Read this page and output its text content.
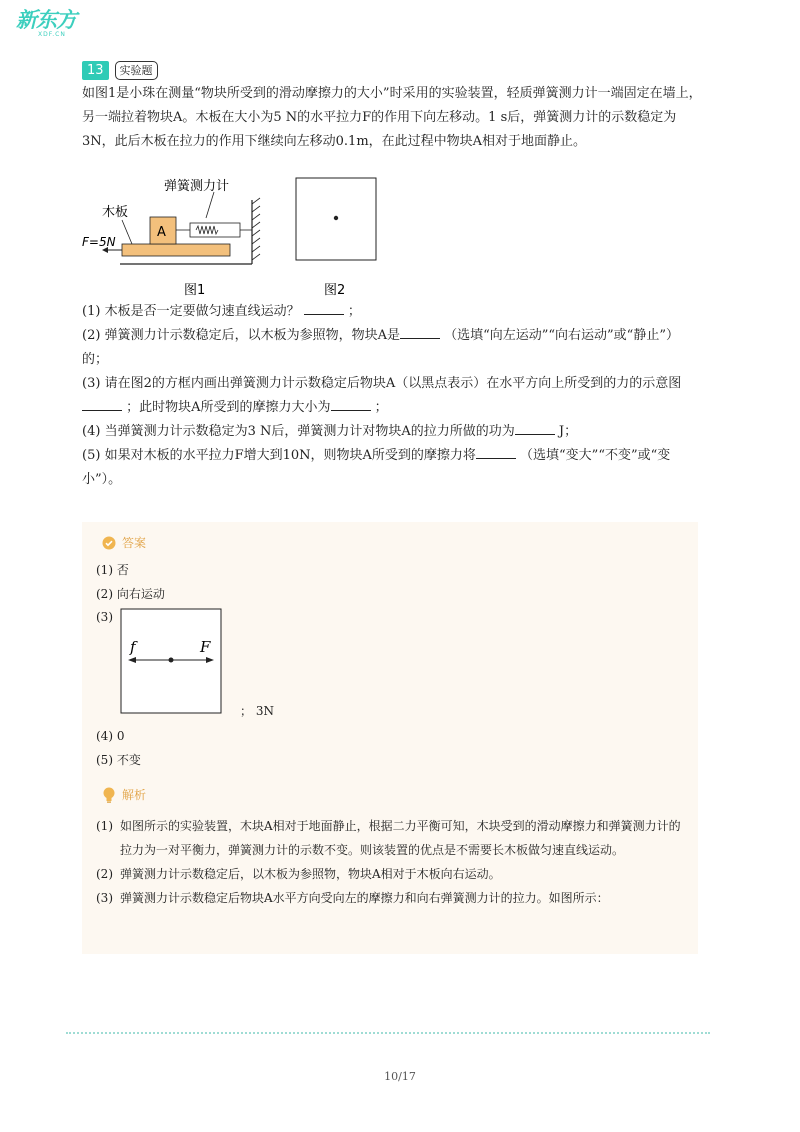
新东方
XDF.CN
13	实验题
如图1是小珠在测量“物块所受到的滑动摩擦力的大小”时采用的实验装置，轻质弹簧测力计一端固定在墙上，另一端拉着物块A。木板在大小为5 N的水平拉力F的作用下向左移动。1 s后，弹簧测力计的示数稳定为3N，此后木板在拉力的作用下继续向左移动0.1m，在此过程中物块A相对于地面静止。
弹簧测力计
木板
A
F=5N
图1	图2

(1) 木板是否一定要做匀速直线运动？	；

(2) 弹簧测力计示数稳定后，以木板为参照物，物块A是	（选填“向左运动”“向右运动”或“静止”）的；

(3) 请在图2的方框内画出弹簧测力计示数稳定后物块A（以黑点表示）在水平方向上所受到的力的示意图 ；此时物块A所受到的摩擦力大小为	；

(4) 当弹簧测力计示数稳定为3 N后，弹簧测力计对物块A的拉力所做的功为	J；

(5) 如果对木板的水平拉力F增大到10N，则物块A所受到的摩擦力将	（选填“变大”“不变”或“变小”）。

答案
(1) 否
(2) 向右运动
(3)
f	F
； 3N
(4) 0
(5) 不变
解析
(1) 如图所示的实验装置，木块A相对于地面静止，根据二力平衡可知，木块受到的滑动摩擦力和弹簧测力计的拉力为一对平衡力，弹簧测力计的示数不变。则该装置的优点是不需要长木板做匀速直线运动。
(2) 弹簧测力计示数稳定后，以木板为参照物，物块A相对于木板向右运动。
(3) 弹簧测力计示数稳定后物块A水平方向受向左的摩擦力和向右弹簧测力计的拉力。如图所示：
10/17
